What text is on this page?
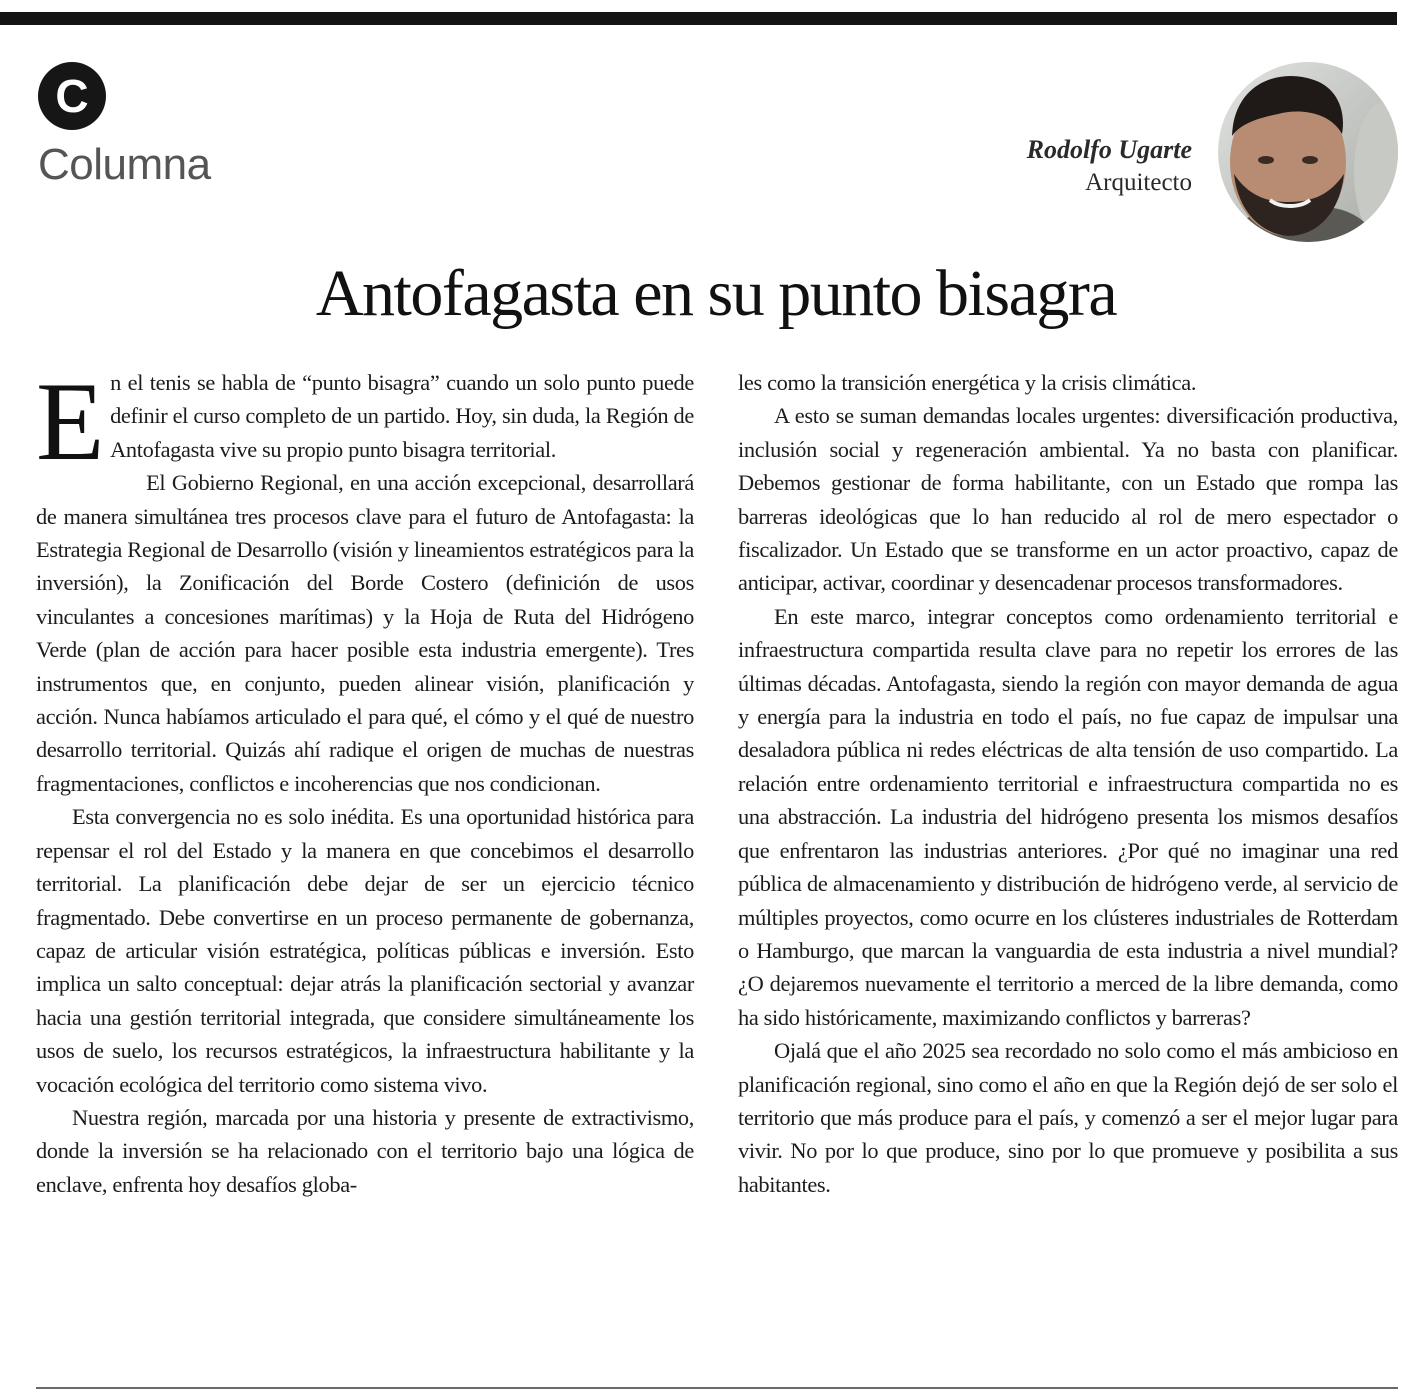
C
Columna	Rodolfo Ugarte
Arquitecto
Antofagasta en su punto bisagra

En el tenis se habla de “punto bisagra” cuando un solo punto puede definir el curso completo de un partido. Hoy, sin duda, la Región de Antofagasta vive su propio punto bisagra territorial.

El Gobierno Regional, en una acción excepcional, desarrollará de manera simultánea tres procesos clave para el futuro de Antofagasta: la Estrategia Regional de Desarrollo (visión y lineamientos estratégicos para la inversión), la Zonificación del Borde Costero (definición de usos vinculantes a concesiones marítimas) y la Hoja de Ruta del Hidrógeno Verde (plan de acción para hacer posible esta industria emergente). Tres instrumentos que, en conjunto, pueden alinear visión, planificación y acción. Nunca habíamos articulado el para qué, el cómo y el qué de nuestro desarrollo territorial. Quizás ahí radique el origen de muchas de nuestras fragmentaciones, conflictos e incoherencias que nos condicionan.

Esta convergencia no es solo inédita. Es una oportunidad histórica para repensar el rol del Estado y la manera en que concebimos el desarrollo territorial. La planificación debe dejar de ser un ejercicio técnico fragmentado. Debe convertirse en un proceso permanente de gobernanza, capaz de articular visión estratégica, políticas públicas e inversión. Esto implica un salto conceptual: dejar atrás la planificación sectorial y avanzar hacia una gestión territorial integrada, que considere simultáneamente los usos de suelo, los recursos estratégicos, la infraestructura habilitante y la vocación ecológica del territorio como sistema vivo.

Nuestra región, marcada por una historia y presente de extractivismo, donde la inversión se ha relacionado con el territorio bajo una lógica de enclave, enfrenta hoy desafíos globa-

les como la transición energética y la crisis climática.

A esto se suman demandas locales urgentes: diversificación productiva, inclusión social y regeneración ambiental. Ya no basta con planificar. Debemos gestionar de forma habilitante, con un Estado que rompa las barreras ideológicas que lo han reducido al rol de mero espectador o fiscalizador. Un Estado que se transforme en un actor proactivo, capaz de anticipar, activar, coordinar y desencadenar procesos transformadores.

En este marco, integrar conceptos como ordenamiento territorial e infraestructura compartida resulta clave para no repetir los errores de las últimas décadas. Antofagasta, siendo la región con mayor demanda de agua y energía para la industria en todo el país, no fue capaz de impulsar una desaladora pública ni redes eléctricas de alta tensión de uso compartido. La relación entre ordenamiento territorial e infraestructura compartida no es una abstracción. La industria del hidrógeno presenta los mismos desafíos que enfrentaron las industrias anteriores. ¿Por qué no imaginar una red pública de almacenamiento y distribución de hidrógeno verde, al servicio de múltiples proyectos, como ocurre en los clústeres industriales de Rotterdam o Hamburgo, que marcan la vanguardia de esta industria a nivel mundial? ¿O dejaremos nuevamente el territorio a merced de la libre demanda, como ha sido históricamente, maximizando conflictos y barreras?

Ojalá que el año 2025 sea recordado no solo como el más ambicioso en planificación regional, sino como el año en que la Región dejó de ser solo el territorio que más produce para el país, y comenzó a ser el mejor lugar para vivir. No por lo que produce, sino por lo que promueve y posibilita a sus habitantes.
